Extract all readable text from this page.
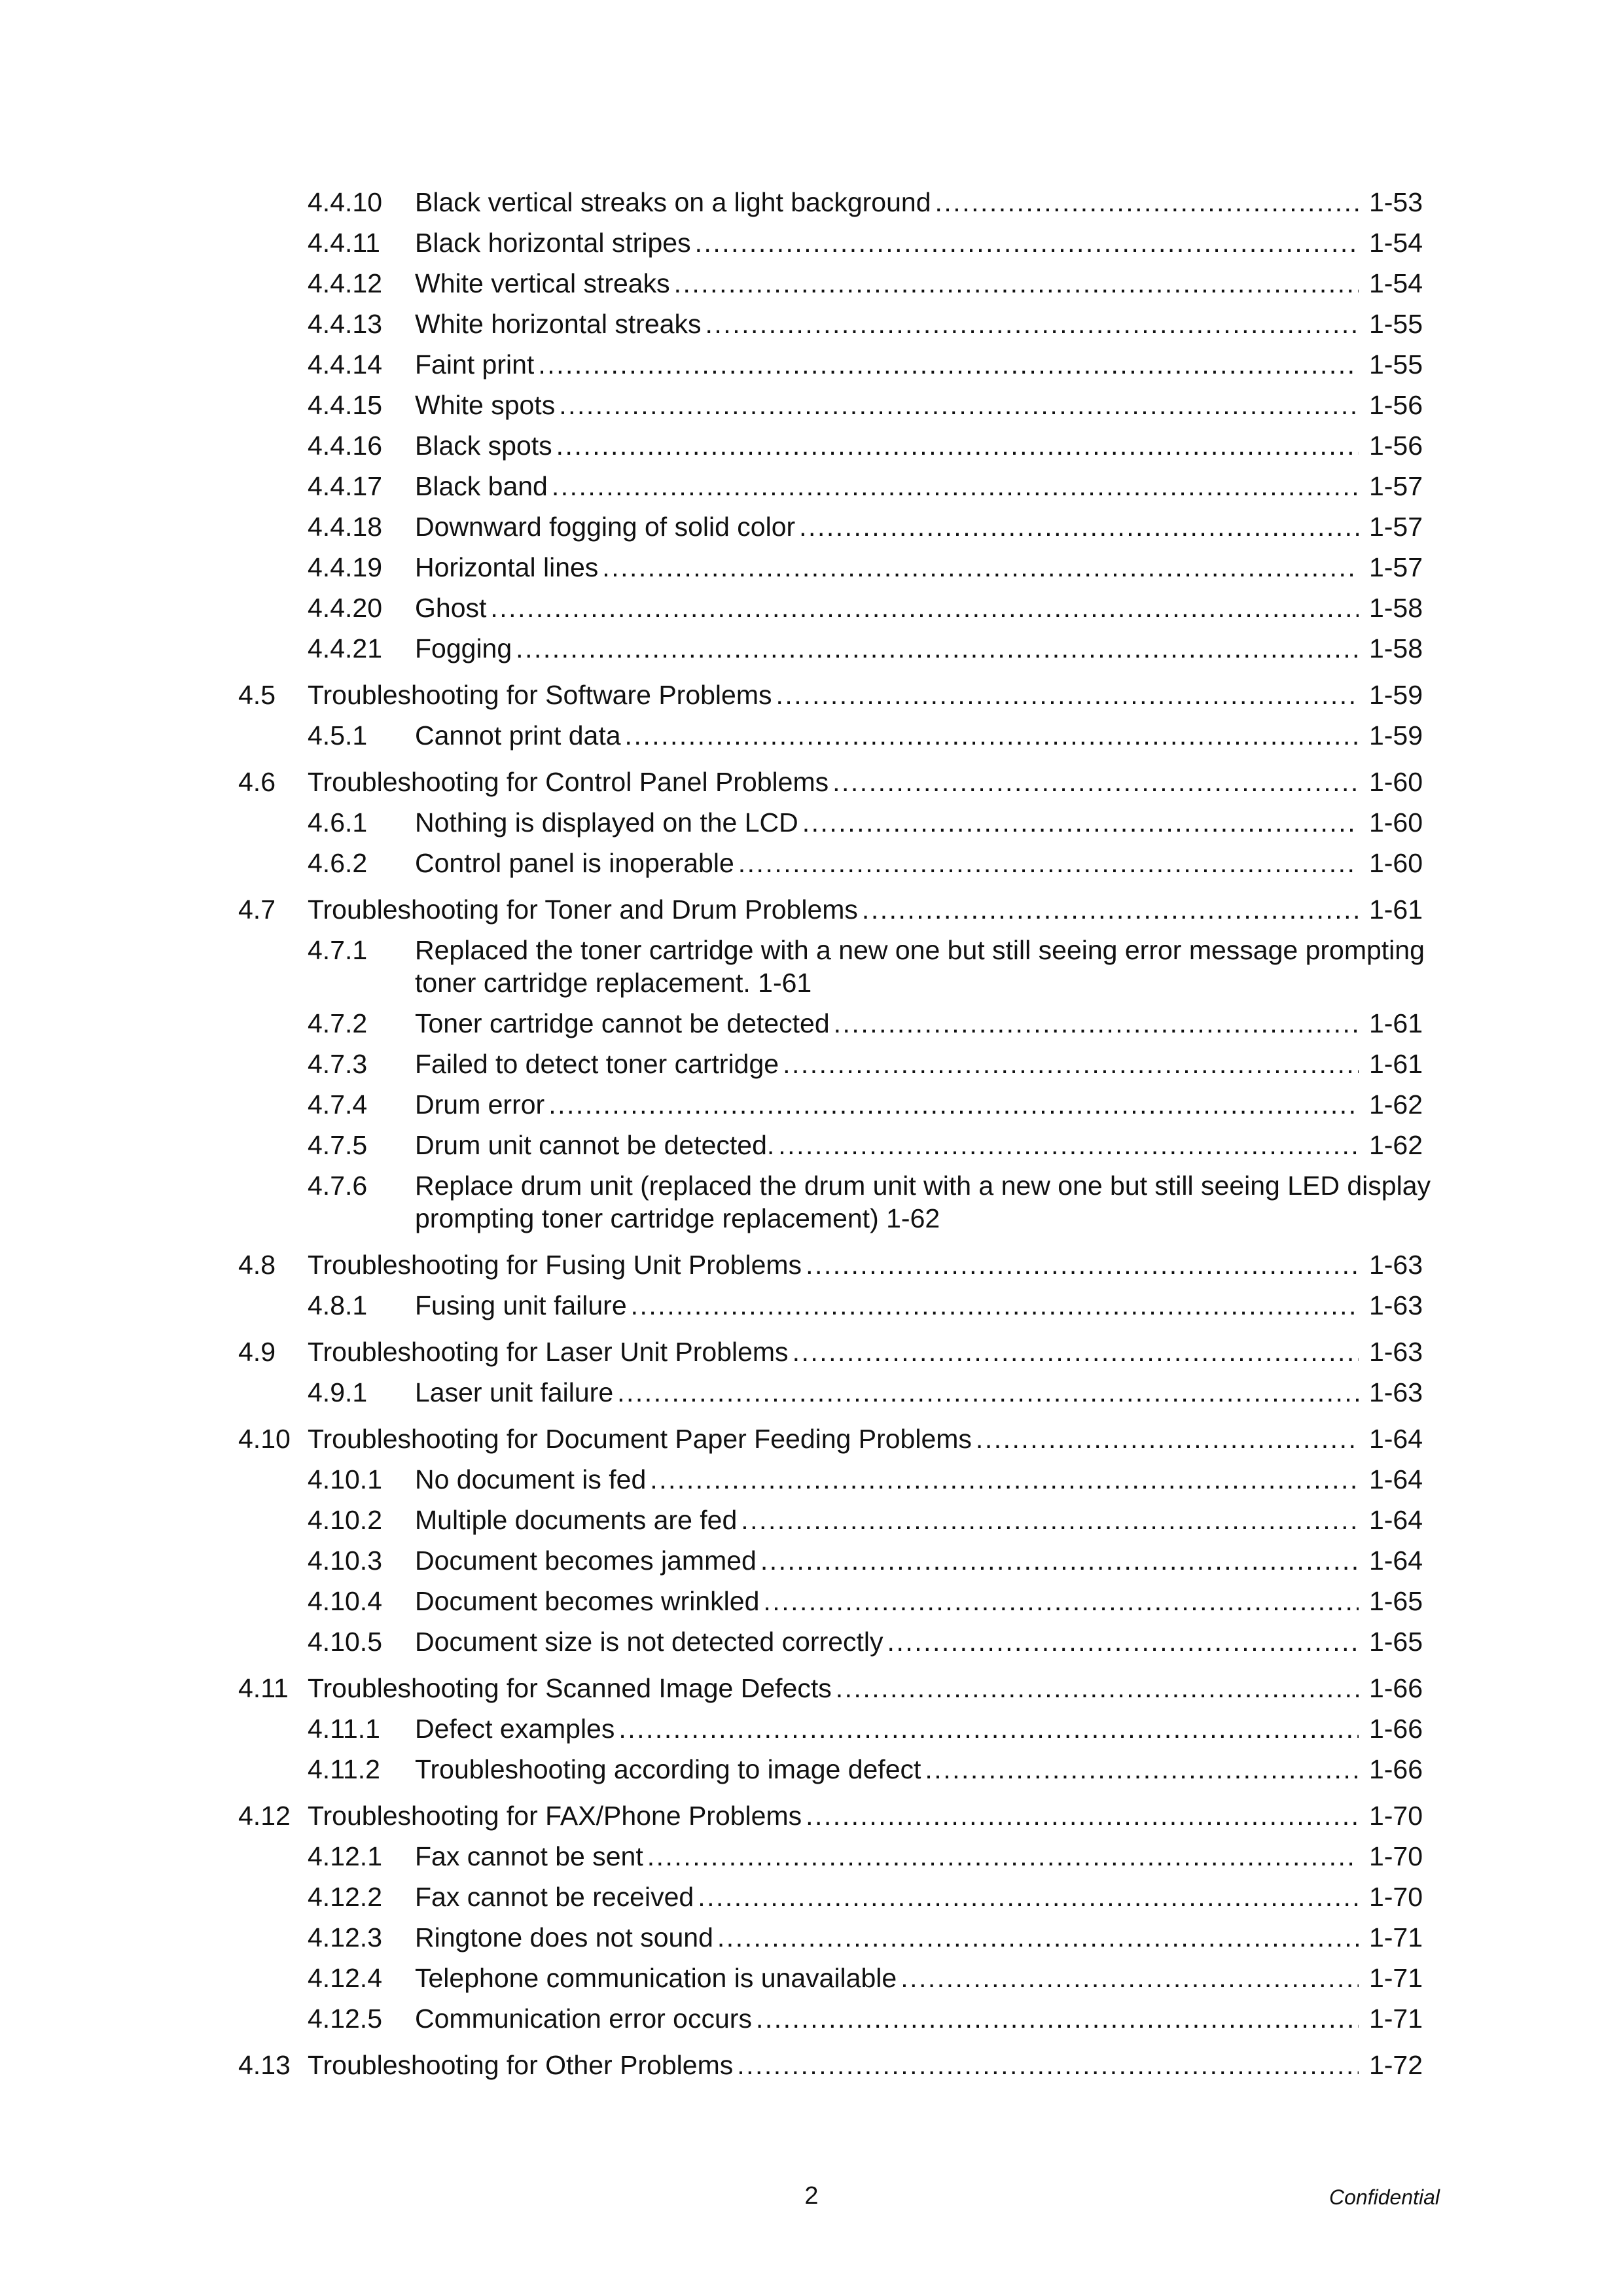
4.4.10 Black vertical streaks on a light background .....	1-53
4.4.11 Black horizontal stripes .....	1-54
4.4.12 White vertical streaks .....	1-54
4.4.13 White horizontal streaks .....	1-55
4.4.14 Faint print .....	1-55
4.4.15 White spots .....	1-56
4.4.16 Black spots .....	1-56
4.4.17 Black band .....	1-57
4.4.18 Downward fogging of solid color .....	1-57
4.4.19 Horizontal lines .....	1-57
4.4.20 Ghost .....	1-58
4.4.21 Fogging .....	1-58
4.5 Troubleshooting for Software Problems .....	1-59
4.5.1 Cannot print data .....	1-59
4.6 Troubleshooting for Control Panel Problems .....	1-60
4.6.1 Nothing is displayed on the LCD .....	1-60
4.6.2 Control panel is inoperable .....	1-60
4.7 Troubleshooting for Toner and Drum Problems .....	1-61
4.7.1 Replaced the toner cartridge with a new one but still seeing error message prompting toner cartridge replacement. 1-61
4.7.2 Toner cartridge cannot be detected .....	1-61
4.7.3 Failed to detect toner cartridge .....	1-61
4.7.4 Drum error .....	1-62
4.7.5 Drum unit cannot be detected. .....	1-62
4.7.6 Replace drum unit (replaced the drum unit with a new one but still seeing LED display prompting toner cartridge replacement) 1-62
4.8 Troubleshooting for Fusing Unit Problems .....	1-63
4.8.1 Fusing unit failure .....	1-63
4.9 Troubleshooting for Laser Unit Problems .....	1-63
4.9.1 Laser unit failure .....	1-63
4.10 Troubleshooting for Document Paper Feeding Problems .....	1-64
4.10.1 No document is fed .....	1-64
4.10.2 Multiple documents are fed .....	1-64
4.10.3 Document becomes jammed .....	1-64
4.10.4 Document becomes wrinkled .....	1-65
4.10.5 Document size is not detected correctly .....	1-65
4.11 Troubleshooting for Scanned Image Defects .....	1-66
4.11.1 Defect examples .....	1-66
4.11.2 Troubleshooting according to image defect .....	1-66
4.12 Troubleshooting for FAX/Phone Problems .....	1-70
4.12.1 Fax cannot be sent .....	1-70
4.12.2 Fax cannot be received .....	1-70
4.12.3 Ringtone does not sound .....	1-71
4.12.4 Telephone communication is unavailable .....	1-71
4.12.5 Communication error occurs .....	1-71
4.13 Troubleshooting for Other Problems .....	1-72
2	Confidential
